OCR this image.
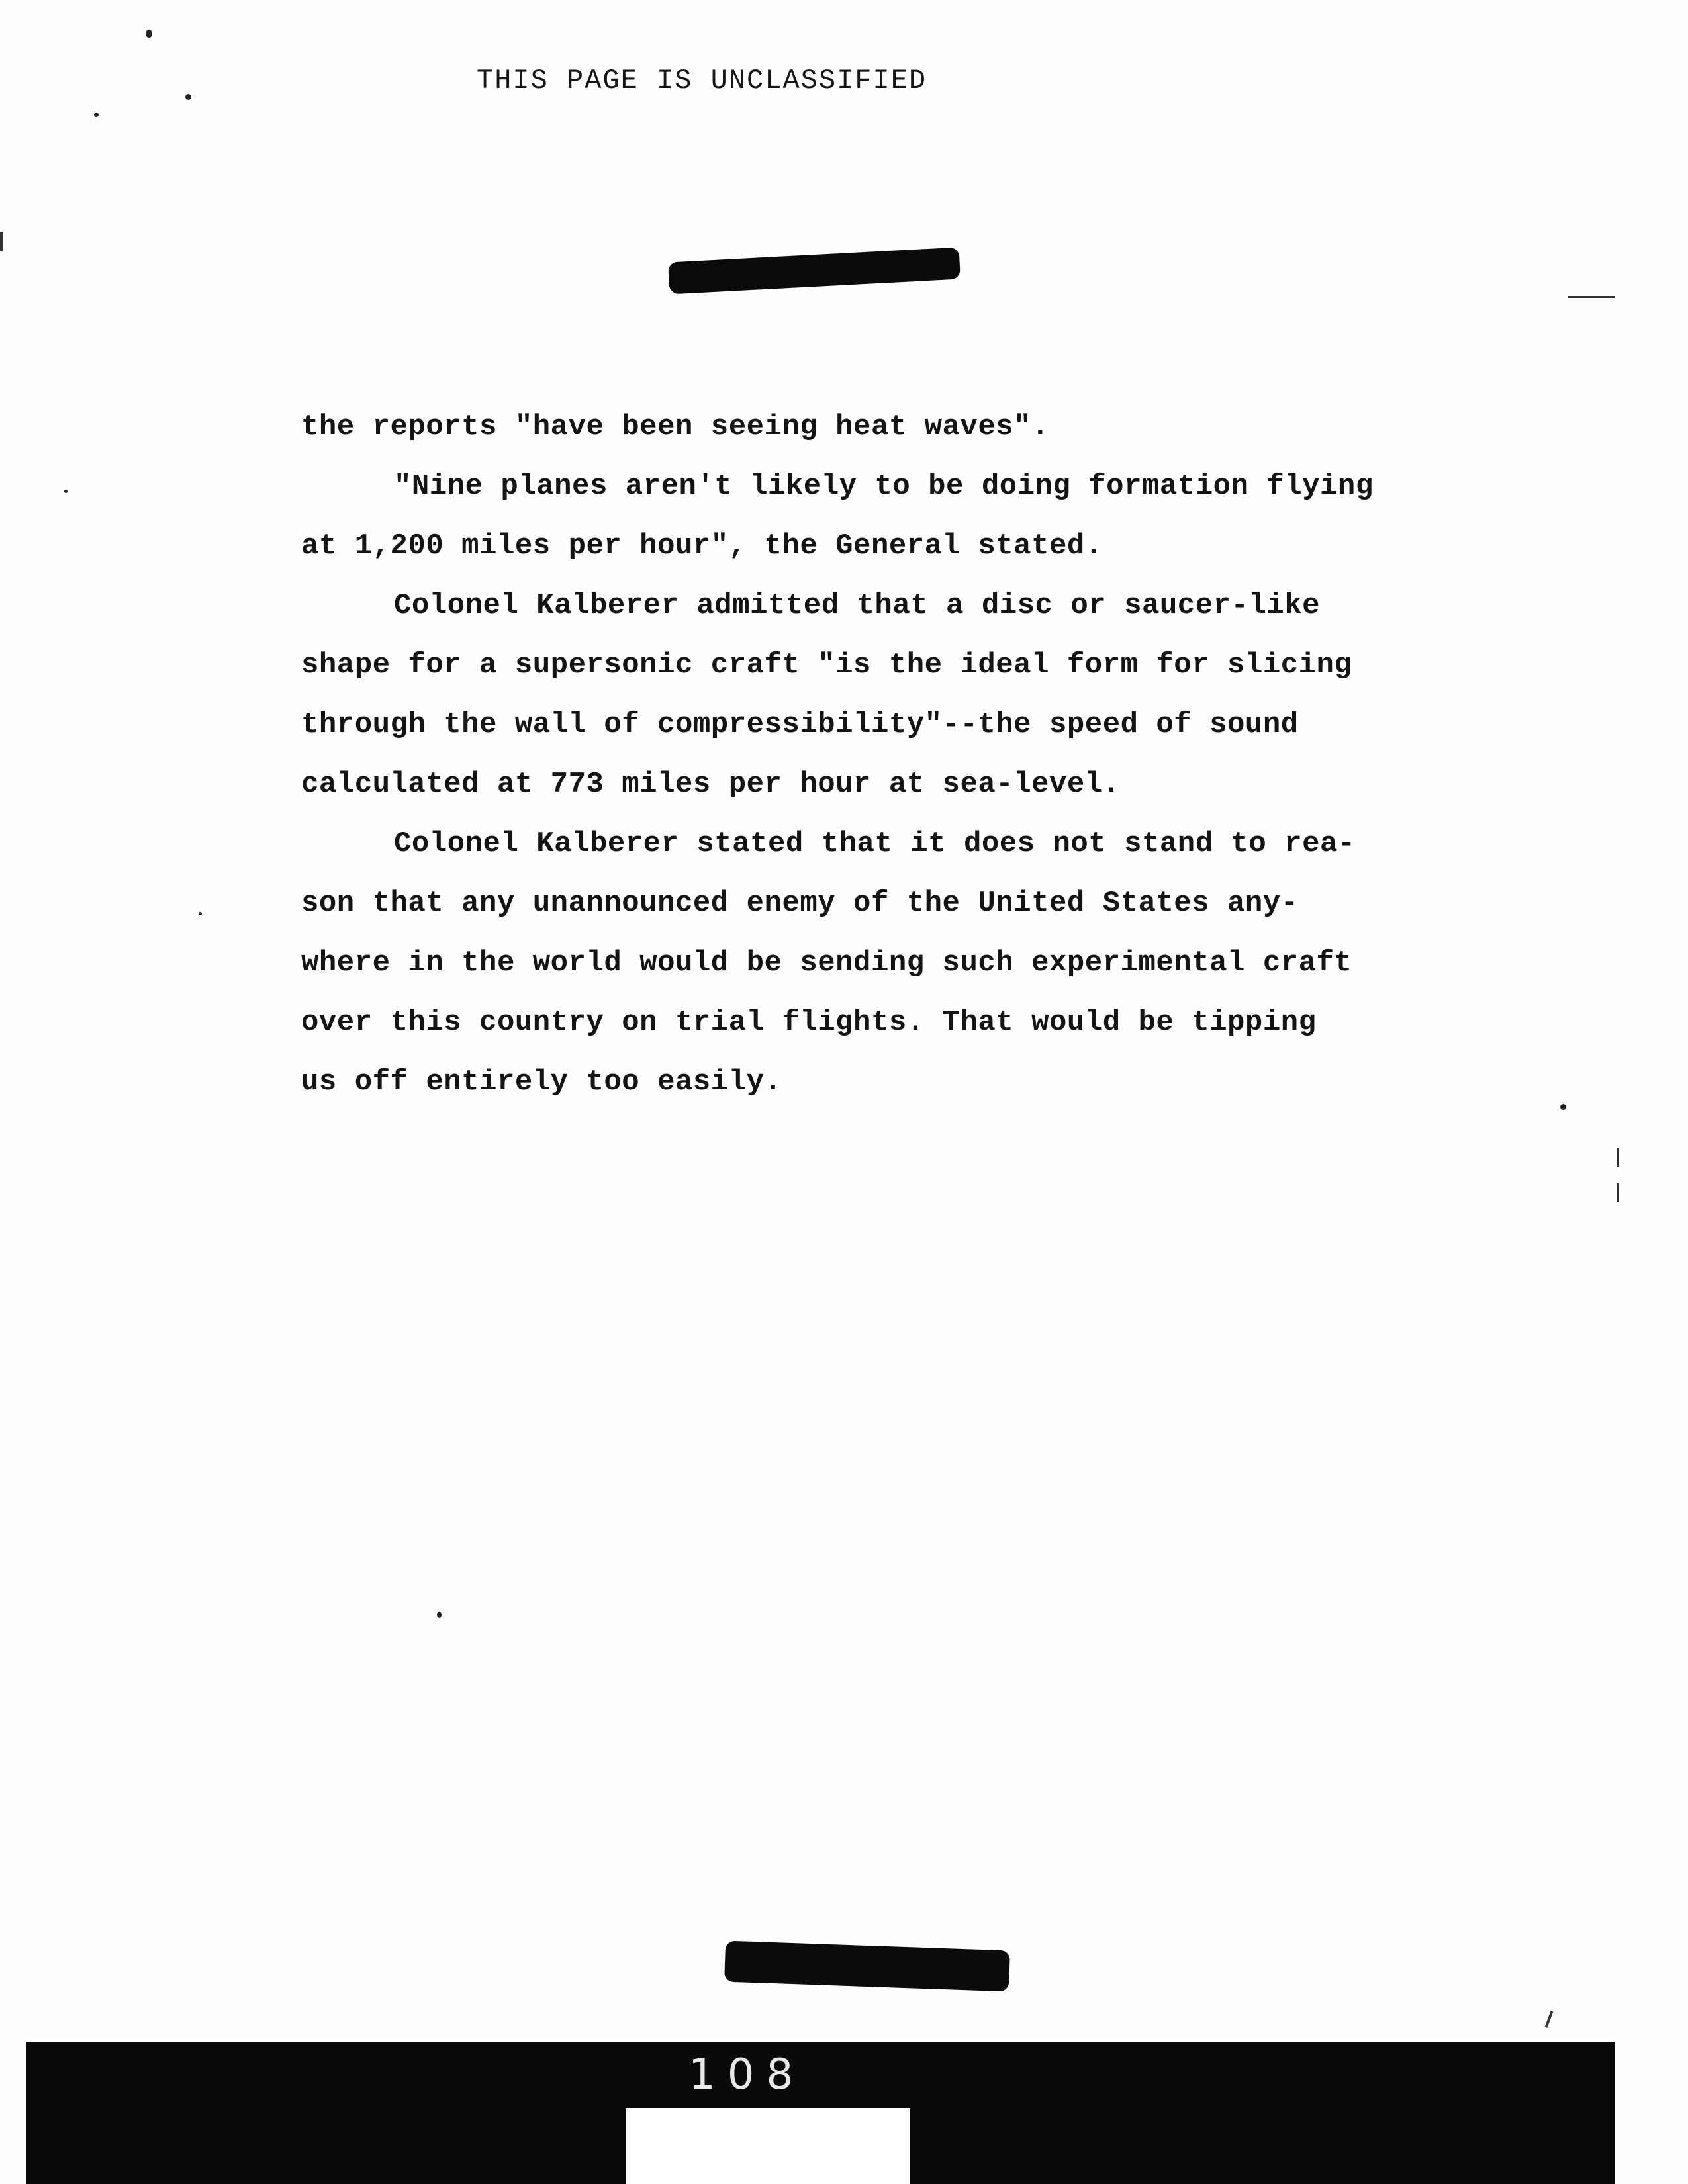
THIS PAGE IS UNCLASSIFIED

the reports "have been seeing heat waves".

"Nine planes aren't likely to be doing formation flying

at 1,200 miles per hour", the General stated.

Colonel Kalberer admitted that a disc or saucer-like

shape for a supersonic craft "is the ideal form for slicing

through the wall of compressibility"--the speed of sound

calculated at 773 miles per hour at sea-level.

Colonel Kalberer stated that it does not stand to rea-

son that any unannounced enemy of the United States any-

where in the world would be sending such experimental craft

over this country on trial flights. That would be tipping

us off entirely too easily.

108
